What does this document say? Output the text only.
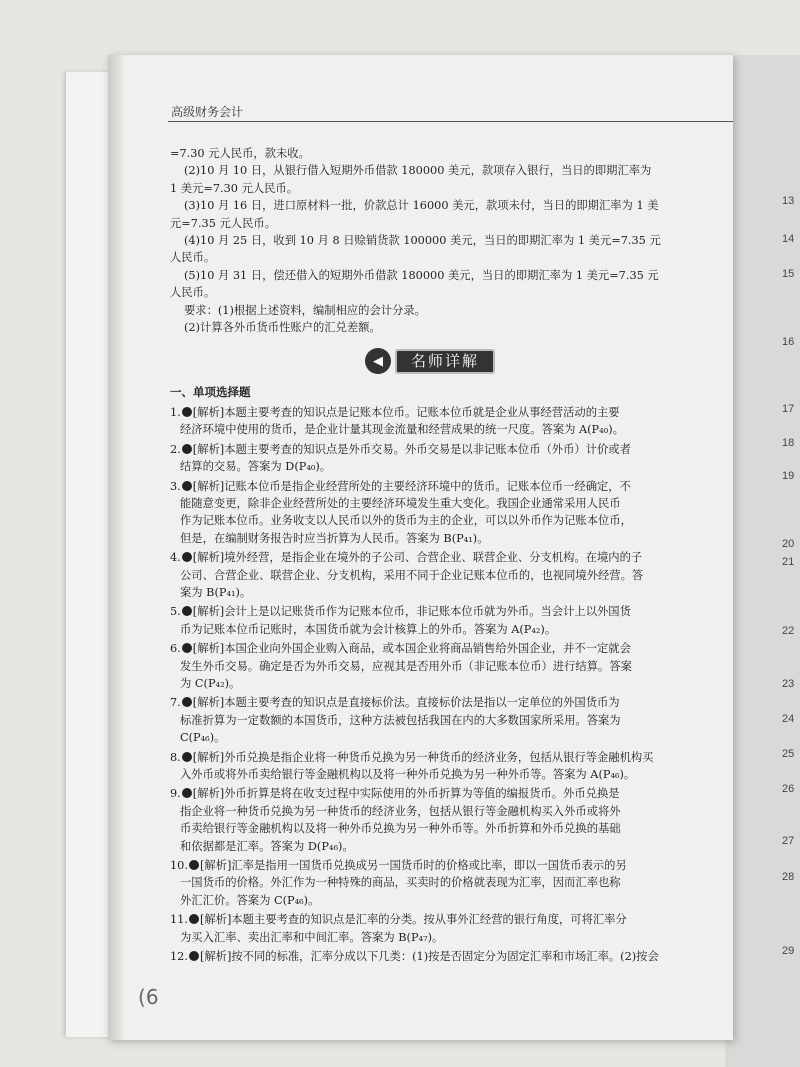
13
14
15
16
17
18
19
20
21
22
23
24
25
26
27
28
29
高级财务会计

=7.30 元人民币，款未收。

(2)10 月 10 日，从银行借入短期外币借款 180000 美元，款项存入银行，当日的即期汇率为

1 美元=7.30 元人民币。

(3)10 月 16 日，进口原材料一批，价款总计 16000 美元，款项未付，当日的即期汇率为 1 美

元=7.35 元人民币。

(4)10 月 25 日，收到 10 月 8 日赊销货款 100000 美元，当日的即期汇率为 1 美元=7.35 元

人民币。

(5)10 月 31 日，偿还借入的短期外币借款 180000 美元，当日的即期汇率为 1 美元=7.35 元

人民币。

要求：(1)根据上述资料，编制相应的会计分录。

(2)计算各外币货币性账户的汇兑差额。

◀	名师详解
一、单项选择题

1. [解析]本题主要考查的知识点是记账本位币。记账本位币就是企业从事经营活动的主要

经济环境中使用的货币，是企业计量其现金流量和经营成果的统一尺度。答案为 A(P₄₀)。

2. [解析]本题主要考查的知识点是外币交易。外币交易是以非记账本位币（外币）计价或者

结算的交易。答案为 D(P₄₀)。

3. [解析]记账本位币是指企业经营所处的主要经济环境中的货币。记账本位币一经确定，不

能随意变更，除非企业经营所处的主要经济环境发生重大变化。我国企业通常采用人民币

作为记账本位币。业务收支以人民币以外的货币为主的企业，可以以外币作为记账本位币，

但是，在编制财务报告时应当折算为人民币。答案为 B(P₄₁)。

4. [解析]境外经营，是指企业在境外的子公司、合营企业、联营企业、分支机构。在境内的子

公司、合营企业、联营企业、分支机构，采用不同于企业记账本位币的，也视同境外经营。答

案为 B(P₄₁)。

5. [解析]会计上是以记账货币作为记账本位币，非记账本位币就为外币。当会计上以外国货

币为记账本位币记账时，本国货币就为会计核算上的外币。答案为 A(P₄₂)。

6. [解析]本国企业向外国企业购入商品，或本国企业将商品销售给外国企业，并不一定就会

发生外币交易。确定是否为外币交易，应视其是否用外币（非记账本位币）进行结算。答案

为 C(P₄₂)。

7. [解析]本题主要考查的知识点是直接标价法。直接标价法是指以一定单位的外国货币为

标准折算为一定数额的本国货币，这种方法被包括我国在内的大多数国家所采用。答案为

C(P₄₆)。

8. [解析]外币兑换是指企业将一种货币兑换为另一种货币的经济业务，包括从银行等金融机构买

入外币或将外币卖给银行等金融机构以及将一种外币兑换为另一种外币等。答案为 A(P₄₆)。

9. [解析]外币折算是将在收支过程中实际使用的外币折算为等值的编报货币。外币兑换是

指企业将一种货币兑换为另一种货币的经济业务，包括从银行等金融机构买入外币或将外

币卖给银行等金融机构以及将一种外币兑换为另一种外币等。外币折算和外币兑换的基础

和依据都是汇率。答案为 D(P₄₆)。

10. [解析]汇率是指用一国货币兑换成另一国货币时的价格或比率，即以一国货币表示的另

一国货币的价格。外汇作为一种特殊的商品，买卖时的价格就表现为汇率，因而汇率也称

外汇汇价。答案为 C(P₄₆)。

11. [解析]本题主要考查的知识点是汇率的分类。按从事外汇经营的银行角度，可将汇率分

为买入汇率、卖出汇率和中间汇率。答案为 B(P₄₇)。

12. [解析]按不同的标准，汇率分成以下几类：(1)按是否固定分为固定汇率和市场汇率。(2)按会

(6
